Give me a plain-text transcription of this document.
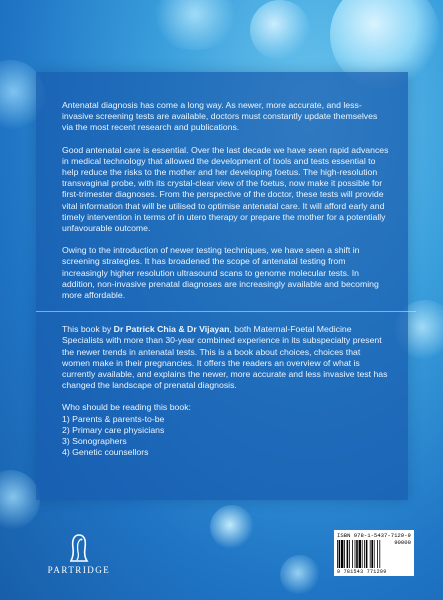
Antenatal diagnosis has come a long way. As newer, more accurate, and less-invasive screening tests are available, doctors must constantly update themselves via the most recent research and publications.

Good antenatal care is essential. Over the last decade we have seen rapid advances in medical technology that allowed the development of tools and tests essential to help reduce the risks to the mother and her developing foetus. The high-resolution transvaginal probe, with its crystal-clear view of the foetus, now make it possible for first-trimester diagnoses. From the perspective of the doctor, these tests will provide vital information that will be utilised to optimise antenatal care. It will afford early and timely intervention in terms of in utero therapy or prepare the mother for a potentially unfavourable outcome.

Owing to the introduction of newer testing techniques, we have seen a shift in screening strategies. It has broadened the scope of antenatal testing from increasingly higher resolution ultrasound scans to genome molecular tests. In addition, non-invasive prenatal diagnoses are increasingly available and becoming more affordable.

This book by Dr Patrick Chia & Dr Vijayan, both Maternal-Foetal Medicine Specialists with more than 30-year combined experience in its subspecialty present the newer trends in antenatal tests. This is a book about choices, choices that women make in their pregnancies. It offers the readers an overview of what is currently available, and explains the newer, more accurate and less invasive test has changed the landscape of prenatal diagnosis.

Who should be reading this book:

1) Parents & parents-to-be
2) Primary care physicians
3) Sonographers
4) Genetic counsellors
PARTRIDGE
ISBN 978-1-5437-7129-9
90000
9 781543 771299
